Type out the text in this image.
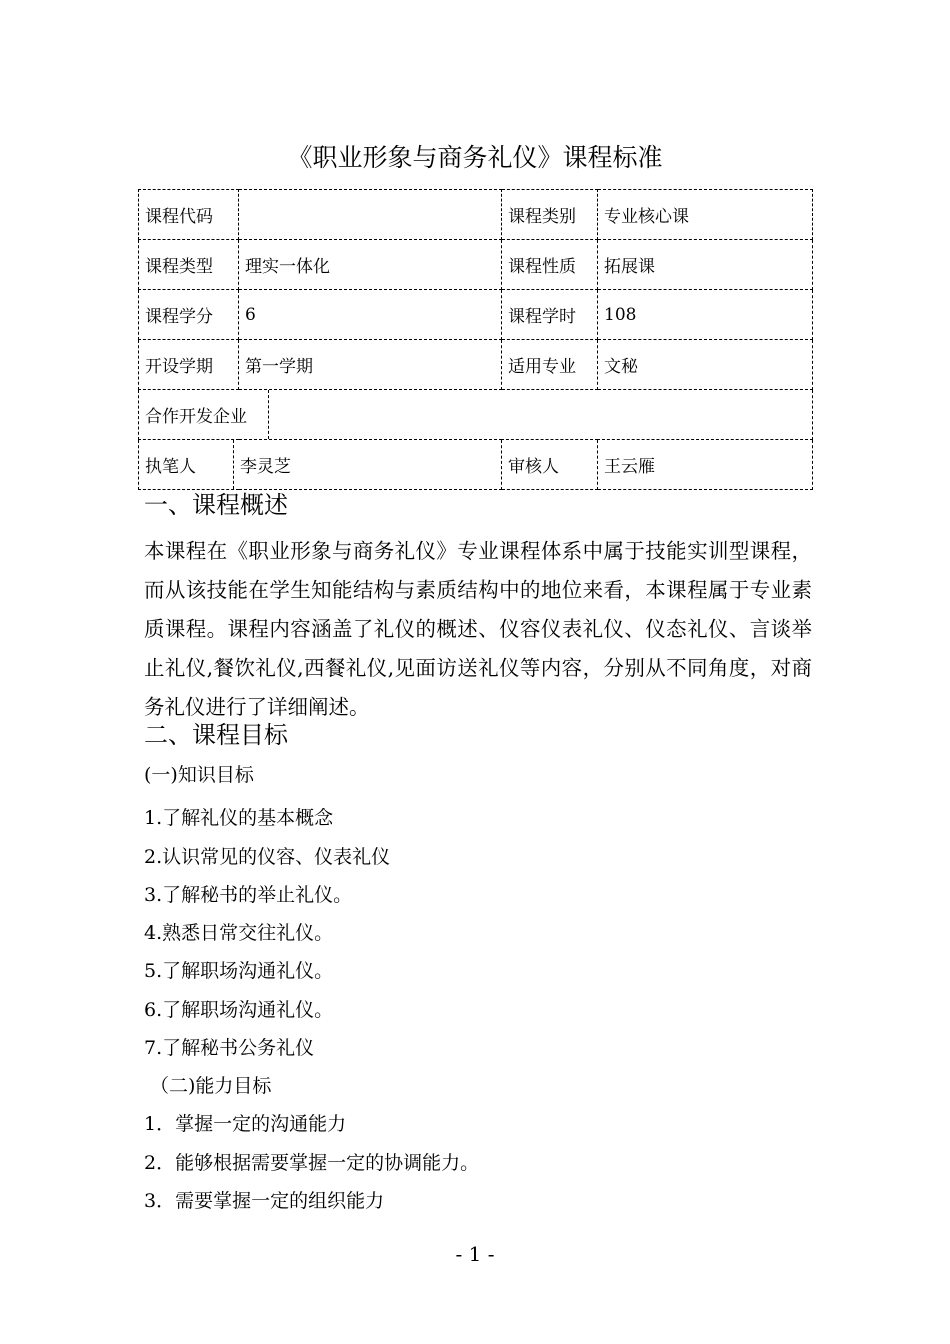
《职业形象与商务礼仪》课程标准
课程代码		课程类别	专业核心课
课程类型	理实一体化	课程性质	拓展课
课程学分	6	课程学时	108
开设学期	第一学期	适用专业	文秘

合作开发企业			

执笔人 李灵芝		审核人	王云雁
一、课程概述

本课程在《职业形象与商务礼仪》专业课程体系中属于技能实训型课程，而从该技能在学生知能结构与素质结构中的地位来看，本课程属于专业素质课程。课程内容涵盖了礼仪的概述、仪容仪表礼仪、仪态礼仪、言谈举止礼仪,餐饮礼仪,西餐礼仪,见面访送礼仪等内容，分别从不同角度，对商务礼仪进行了详细阐述。

二、课程目标
(一)知识目标
1.了解礼仪的基本概念
2.认识常见的仪容、仪表礼仪
3.了解秘书的举止礼仪。
4.熟悉日常交往礼仪。
5.了解职场沟通礼仪。
6.了解职场沟通礼仪。
7.了解秘书公务礼仪
（二)能力目标
1．掌握一定的沟通能力
2．能够根据需要掌握一定的协调能力。
3．需要掌握一定的组织能力
- 1 -
